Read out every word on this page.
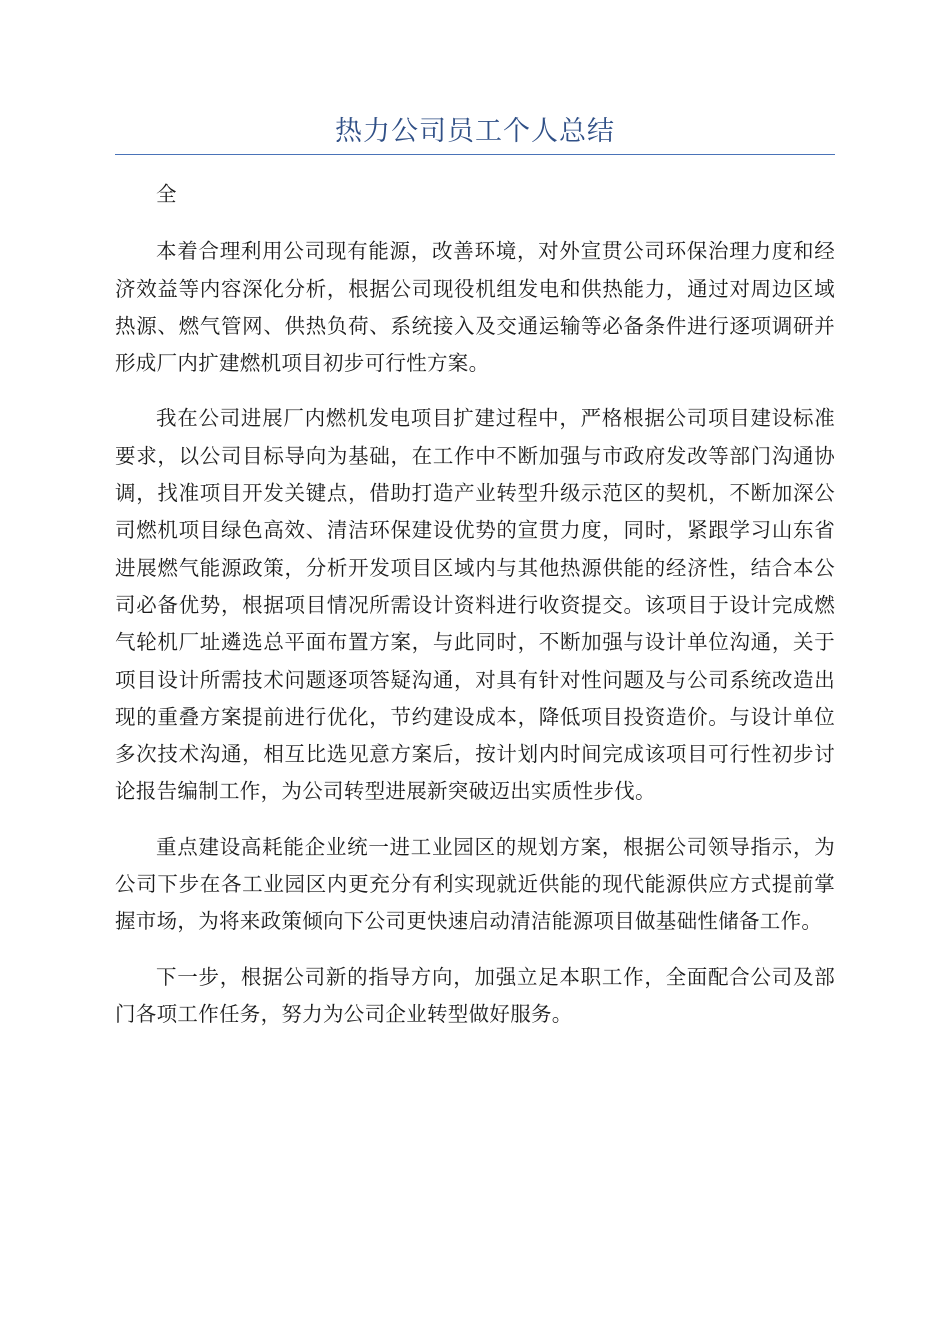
热力公司员工个人总结

全

本着合理利用公司现有能源，改善环境，对外宣贯公司环保治理力度和经济效益等内容深化分析，根据公司现役机组发电和供热能力，通过对周边区域热源、燃气管网、供热负荷、系统接入及交通运输等必备条件进行逐项调研并形成厂内扩建燃机项目初步可行性方案。

我在公司进展厂内燃机发电项目扩建过程中，严格根据公司项目建设标准要求，以公司目标导向为基础，在工作中不断加强与市政府发改等部门沟通协调，找准项目开发关键点，借助打造产业转型升级示范区的契机，不断加深公司燃机项目绿色高效、清洁环保建设优势的宣贯力度，同时，紧跟学习山东省进展燃气能源政策，分析开发项目区域内与其他热源供能的经济性，结合本公司必备优势，根据项目情况所需设计资料进行收资提交。该项目于设计完成燃气轮机厂址遴选总平面布置方案，与此同时，不断加强与设计单位沟通，关于项目设计所需技术问题逐项答疑沟通，对具有针对性问题及与公司系统改造出现的重叠方案提前进行优化，节约建设成本，降低项目投资造价。与设计单位多次技术沟通，相互比选见意方案后，按计划内时间完成该项目可行性初步讨论报告编制工作，为公司转型进展新突破迈出实质性步伐。

重点建设高耗能企业统一进工业园区的规划方案，根据公司领导指示，为公司下步在各工业园区内更充分有利实现就近供能的现代能源供应方式提前掌握市场，为将来政策倾向下公司更快速启动清洁能源项目做基础性储备工作。

下一步，根据公司新的指导方向，加强立足本职工作，全面配合公司及部门各项工作任务，努力为公司企业转型做好服务。
